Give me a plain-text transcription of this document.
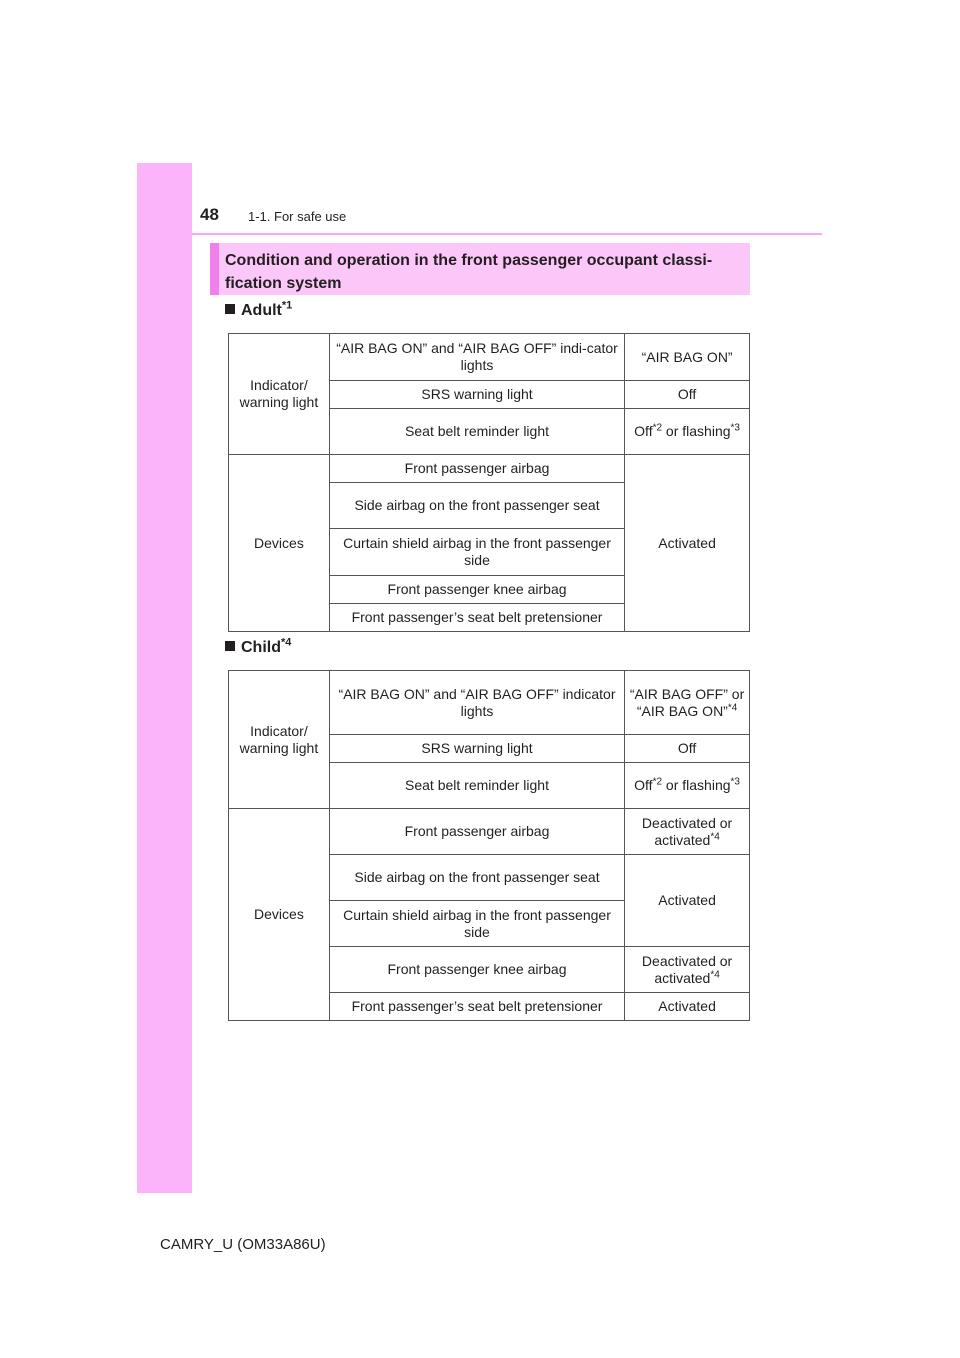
48 1-1. For safe use
Condition and operation in the front passenger occupant classi-fication system
Adult$^{*1}$
Indicator/ warning light	“AIR BAG ON” and “AIR BAG OFF” indi-cator lights	“AIR BAG ON”
	SRS warning light	Off
	Seat belt reminder light	Off$^{*2}$ or flashing$^{*3}$
Devices	Front passenger airbag	Activated
	Side airbag on the front passenger seat	
	Curtain shield airbag in the front passenger side	
	Front passenger knee airbag	
	Front passenger’s seat belt pretensioner	
Child$^{*4}$
Indicator/ warning light	“AIR BAG ON” and “AIR BAG OFF” indicator lights	“AIR BAG OFF” or “AIR BAG ON”$^{*4}$
	SRS warning light	Off
	Seat belt reminder light	Off$^{*2}$ or flashing$^{*3}$
Devices	Front passenger airbag	Deactivated or activated$^{*4}$
	Side airbag on the front passenger seat	Activated
	Curtain shield airbag in the front passenger side	
	Front passenger knee airbag	Deactivated or activated$^{*4}$
	Front passenger’s seat belt pretensioner	Activated
CAMRY_U (OM33A86U)
